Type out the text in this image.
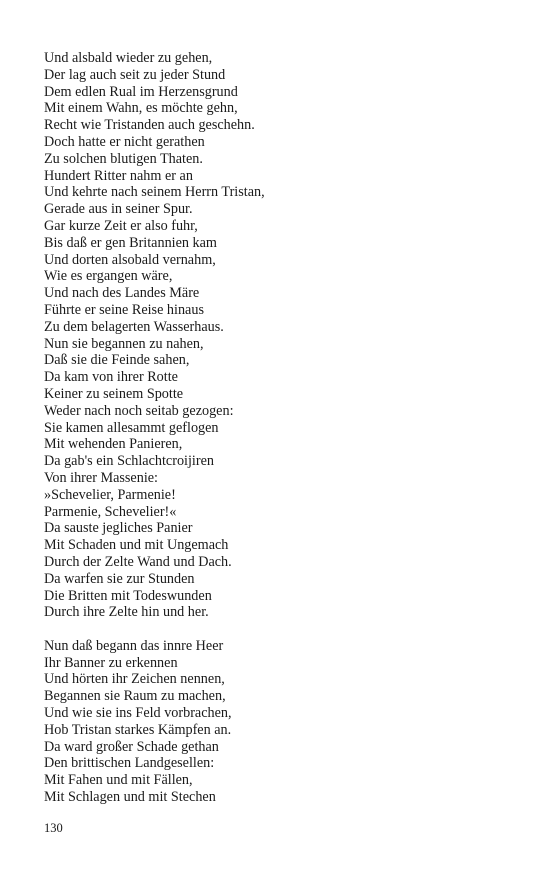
Und alsbald wieder zu gehen,
Der lag auch seit zu jeder Stund
Dem edlen Rual im Herzensgrund
Mit einem Wahn, es möchte gehn,
Recht wie Tristanden auch geschehn.
Doch hatte er nicht gerathen
Zu solchen blutigen Thaten.
Hundert Ritter nahm er an
Und kehrte nach seinem Herrn Tristan,
Gerade aus in seiner Spur.
Gar kurze Zeit er also fuhr,
Bis daß er gen Britannien kam
Und dorten alsobald vernahm,
Wie es ergangen wäre,
Und nach des Landes Märe
Führte er seine Reise hinaus
Zu dem belagerten Wasserhaus.
Nun sie begannen zu nahen,
Daß sie die Feinde sahen,
Da kam von ihrer Rotte
Keiner zu seinem Spotte
Weder nach noch seitab gezogen:
Sie kamen allesammt geflogen
Mit wehenden Panieren,
Da gab's ein Schlachtcroijiren
Von ihrer Massenie:
»Schevelier, Parmenie!
Parmenie, Schevelier!«
Da sauste jegliches Panier
Mit Schaden und mit Ungemach
Durch der Zelte Wand und Dach.
Da warfen sie zur Stunden
Die Britten mit Todeswunden
Durch ihre Zelte hin und her.
Nun daß begann das innre Heer
Ihr Banner zu erkennen
Und hörten ihr Zeichen nennen,
Begannen sie Raum zu machen,
Und wie sie ins Feld vorbrachen,
Hob Tristan starkes Kämpfen an.
Da ward großer Schade gethan
Den brittischen Landgesellen:
Mit Fahen und mit Fällen,
Mit Schlagen und mit Stechen
130
